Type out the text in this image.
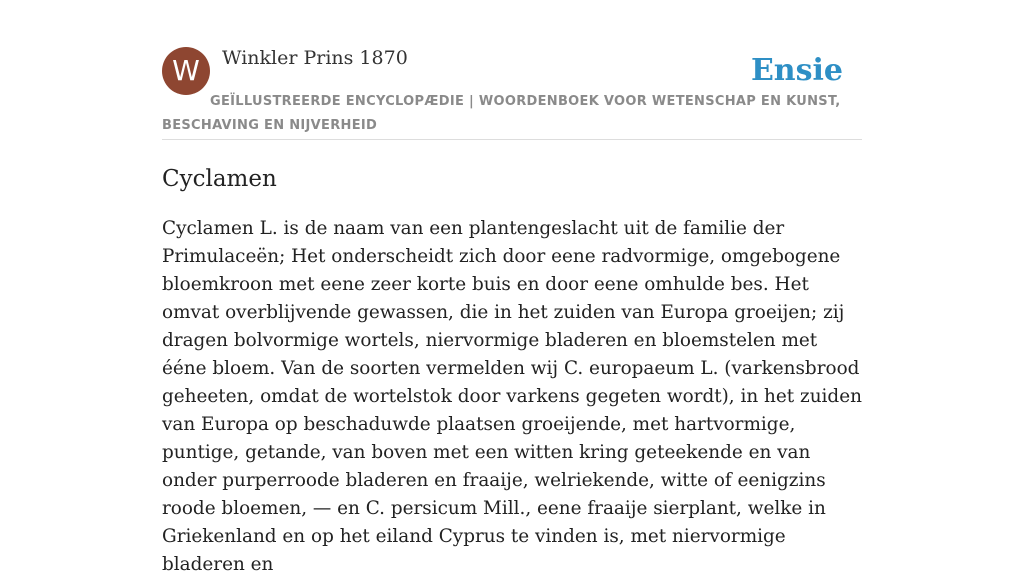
W	Winkler Prins 1870	Ensie

GEÏLLUSTREERDE ENCYCLOPÆDIE | WOORDENBOEK VOOR WETENSCHAP EN KUNST, BESCHAVING EN NIJVERHEID

Cyclamen

Cyclamen L. is de naam van een plantengeslacht uit de familie der Primulaceën; Het onderscheidt zich door eene radvormige, omgebogene bloemkroon met eene zeer korte buis en door eene omhulde bes. Het omvat overblijvende gewassen, die in het zuiden van Europa groeijen; zij dragen bolvormige wortels, niervormige bladeren en bloemstelen met ééne bloem. Van de soorten vermelden wij C. europaeum L. (varkensbrood geheeten, omdat de wortelstok door varkens gegeten wordt), in het zuiden van Europa op beschaduwde plaatsen groeijende, met hartvormige, puntige, getande, van boven met een witten kring geteekende en van onder purperroode bladeren en fraaije, welriekende, witte of eenigzins roode bloemen, — en C. persicum Mill., eene fraaije sierplant, welke in Griekenland en op het eiland Cyprus te vinden is, met niervormige bladeren en
